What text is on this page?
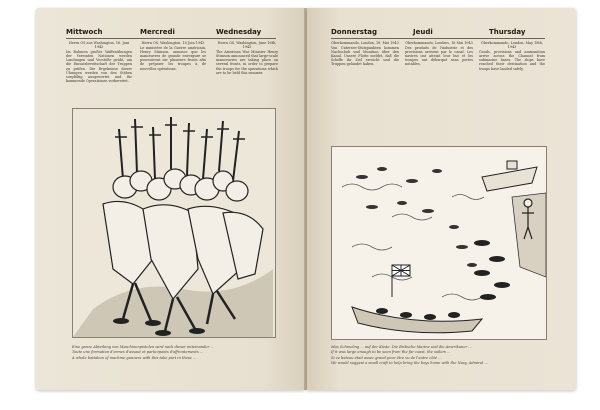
Mittwoch	Mercredi	Wednesday
Herrn OS aus Washington, 16. Juni 1943
Im Rahmen großer Waffenübungen der Vereinten Nationen werden Landungen und Vorstöße geübt, um die Einsatzbereitschaft der Truppen zu prüfen. Die Ergebnisse dieser Übungen werden von den Stäben sorgfältig ausgewertet und für kommende Operationen vorbereitet.
Herrn OS, Washington, 16 Juin 1943
Le ministère de la Guerre américain, Henry Stimson, annonce que les manœuvres de grande envergure se poursuivent sur plusieurs fronts afin de préparer les troupes à de nouvelles opérations.
Herrn OS, Washington, June 16th, 1943
The American War Minister Henry Stimson announced that large-scale manoeuvres are taking place on several fronts, in order to prepare the troops for the operations which are to be held this summer.
Eine ganze Abteilung von Maschinenpistolen wird nach dieser miteinander ...
Toute une formation d'armes d'assaut et participants d'affrontements ...
A whole battalion of machine-gunners with this take part in these ...
Donnerstag	Jeudi	Thursday
Oberkommando, London, 18. Mai 1943
Von Untersee-Stützpunkten kommen Nachschub und Munition über den Kanal. Unsere Flotte meldet, daß die Schiffe ihr Ziel erreicht und die Truppen gelandet haben.
Oberkommando, Londres, 18 Mai 1943
Des produits de l'industrie et des provisions arrivent par le canal. Les navires ont atteint leur but et les troupes ont débarqué sans pertes notables.
Oberkommando, London, May 18th, 1943
Goods, provisions and ammunition arrive across the Channel from submarine bases. The ships have reached their destination and the troops have landed safely.
Max Schmeling ... auf der Küste. Die Britische Marine und die Amerikaner ...
If it was large enough to be seen from the far coast, the sailors ...
Si ce bateau était assez grand pour être vu de l'autre côté ...
We would suggest a small craft to help bring the boys home with the Navy, Admiral ...
